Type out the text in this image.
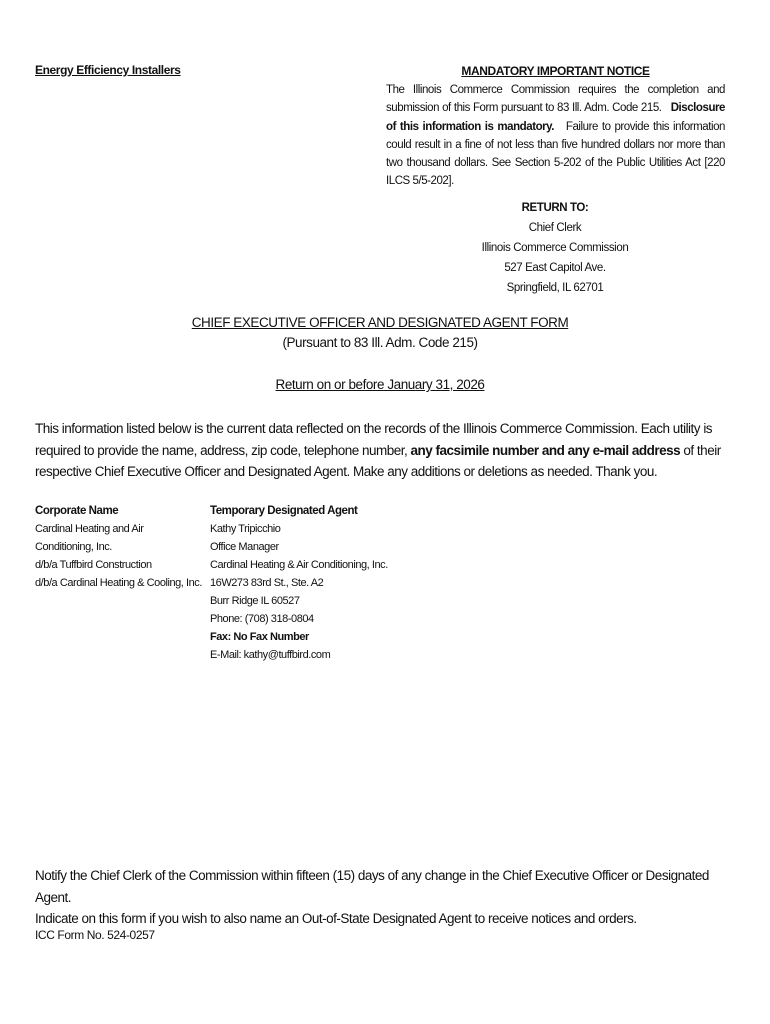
Energy Efficiency Installers	MANDATORY IMPORTANT NOTICE
The Illinois Commerce Commission requires the completion and submission of this Form pursuant to 83 Ill. Adm. Code 215. Disclosure of this information is mandatory. Failure to provide this information could result in a fine of not less than five hundred dollars nor more than two thousand dollars. See Section 5-202 of the Public Utilities Act [220 ILCS 5/5-202].
RETURN TO:
Chief Clerk
Illinois Commerce Commission
527 East Capitol Ave.
Springfield, IL 62701
CHIEF EXECUTIVE OFFICER AND DESIGNATED AGENT FORM
(Pursuant to 83 Ill. Adm. Code 215)
Return on or before January 31, 2026
This information listed below is the current data reflected on the records of the Illinois Commerce Commission. Each utility is required to provide the name, address, zip code, telephone number, any facsimile number and any e-mail address of their respective Chief Executive Officer and Designated Agent. Make any additions or deletions as needed. Thank you.
Corporate Name
Cardinal Heating and Air Conditioning, Inc.
d/b/a Tuffbird Construction
d/b/a Cardinal Heating & Cooling, Inc.
Temporary Designated Agent
Kathy Tripicchio
Office Manager
Cardinal Heating & Air Conditioning, Inc.
16W273 83rd St., Ste. A2
Burr Ridge IL 60527
Phone: (708) 318-0804
Fax: No Fax Number
E-Mail: kathy@tuffbird.com
Notify the Chief Clerk of the Commission within fifteen (15) days of any change in the Chief Executive Officer or Designated Agent.
Indicate on this form if you wish to also name an Out-of-State Designated Agent to receive notices and orders.
ICC Form No. 524-0257
